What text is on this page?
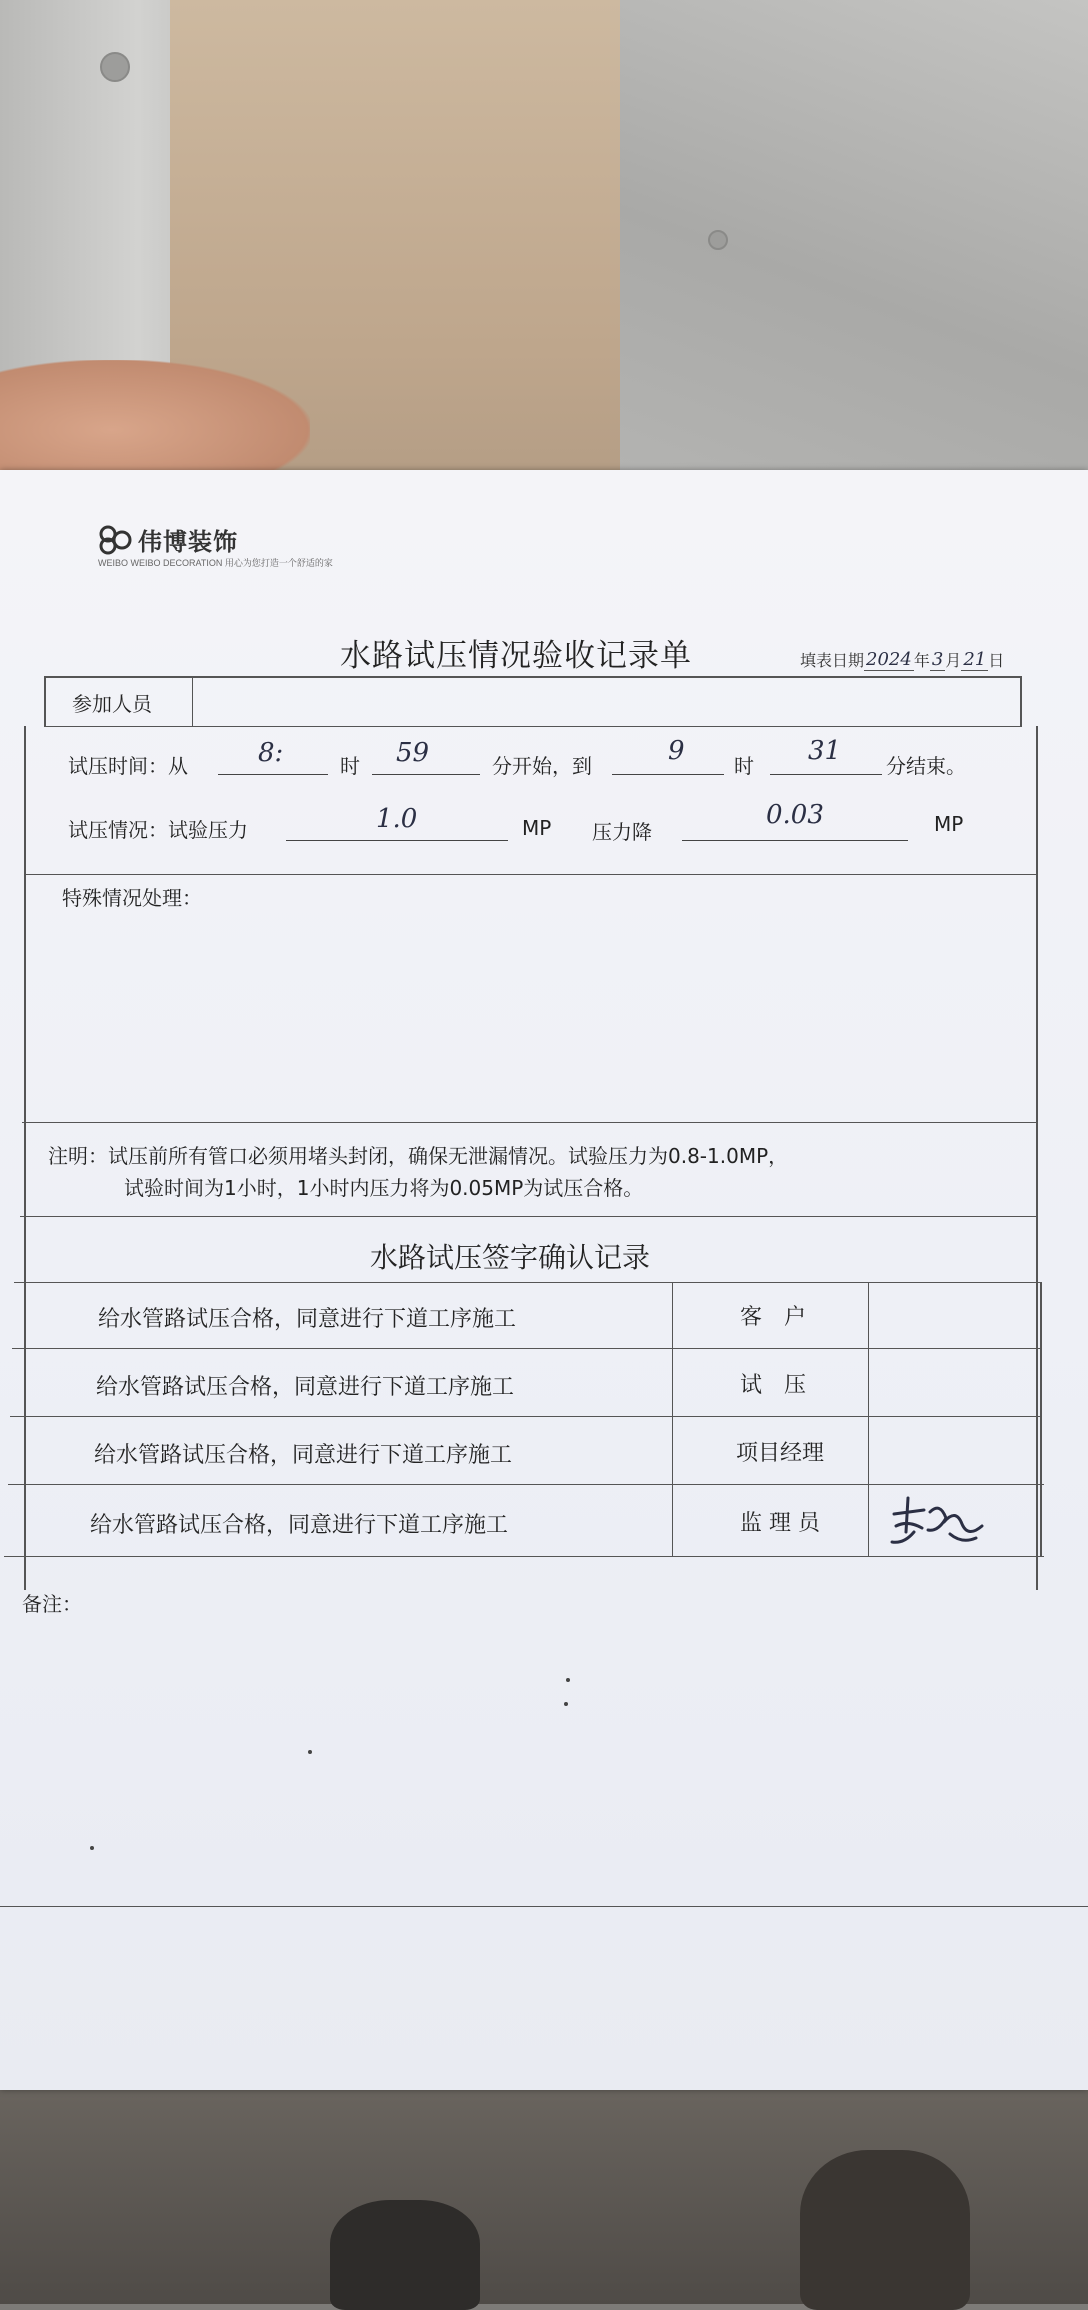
伟博装饰
WEIBO WEIBO DECORATION 用心为您打造一个舒适的家
水路试压情况验收记录单	填表日期 2024 年 3 月 21 日
参加人员
试压时间：从	8:	时 59	分开始，到	9 时 31 分结束。
试压情况：试验压力	1.0	MP 压力降
0.03	MP
特殊情况处理：
注明：试压前所有管口必须用堵头封闭，确保无泄漏情况。试验压力为0.8-1.0MP，
试验时间为1小时，1小时内压力将为0.05MP为试压合格。
水路试压签字确认记录
给水管路试压合格，同意进行下道工序施工	客　户
给水管路试压合格，同意进行下道工序施工	试　压
给水管路试压合格，同意进行下道工序施工	项目经理
给水管路试压合格，同意进行下道工序施工	监 理 员
备注：
